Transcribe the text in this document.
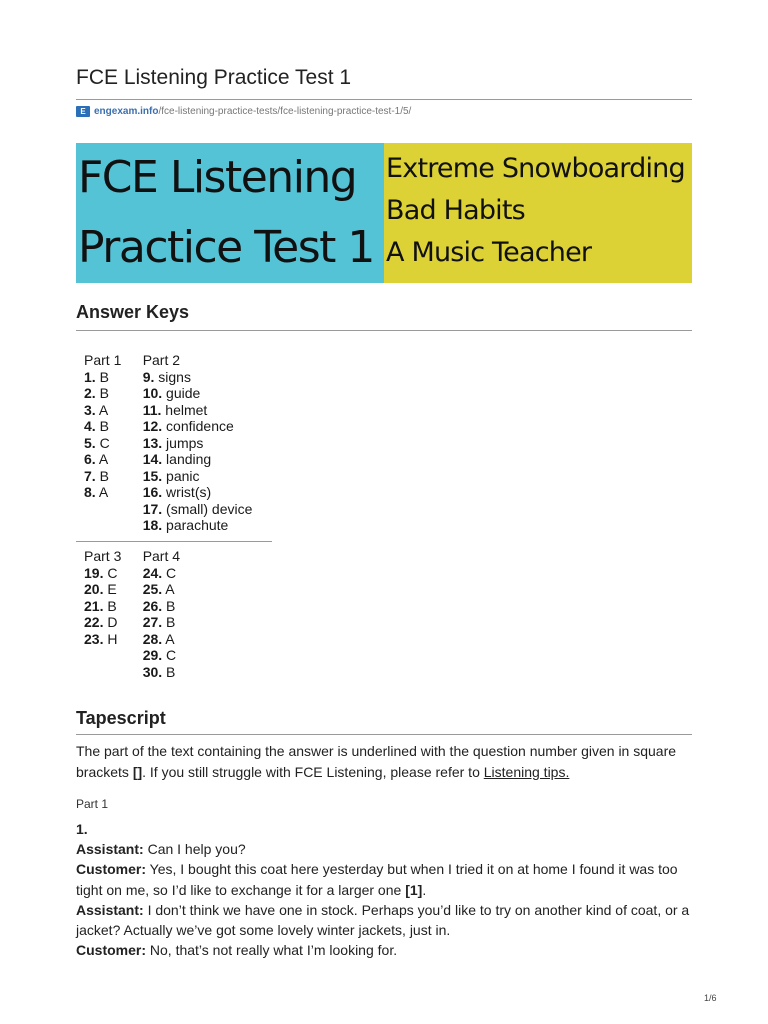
FCE Listening Practice Test 1
E engexam.info /fce-listening-practice-tests/fce-listening-practice-test-1/5/
FCE Listening
Practice Test 1
Extreme Snowboarding
Bad Habits
A Music Teacher
Answer Keys
Part 1
1. B
2. B
3. A
4. B
5. C
6. A
7. B
8. A
Part 2
9. signs
10. guide
11. helmet
12. confidence
13. jumps
14. landing
15. panic
16. wrist(s)
17. (small) device
18. parachute
Part 3
19. C
20. E
21. B
22. D
23. H
Part 4
24. C
25. A
26. B
27. B
28. A
29. C
30. B
Tapescript
The part of the text containing the answer is underlined with the question number given in square brackets []. If you still struggle with FCE Listening, please refer to Listening tips.
Part 1
1.
Assistant: Can I help you?
Customer: Yes, I bought this coat here yesterday but when I tried it on at home I found it was too tight on me, so I’d like to exchange it for a larger one [1].
Assistant: I don’t think we have one in stock. Perhaps you’d like to try on another kind of coat, or a jacket? Actually we’ve got some lovely winter jackets, just in.
Customer: No, that’s not really what I’m looking for.
1/6
